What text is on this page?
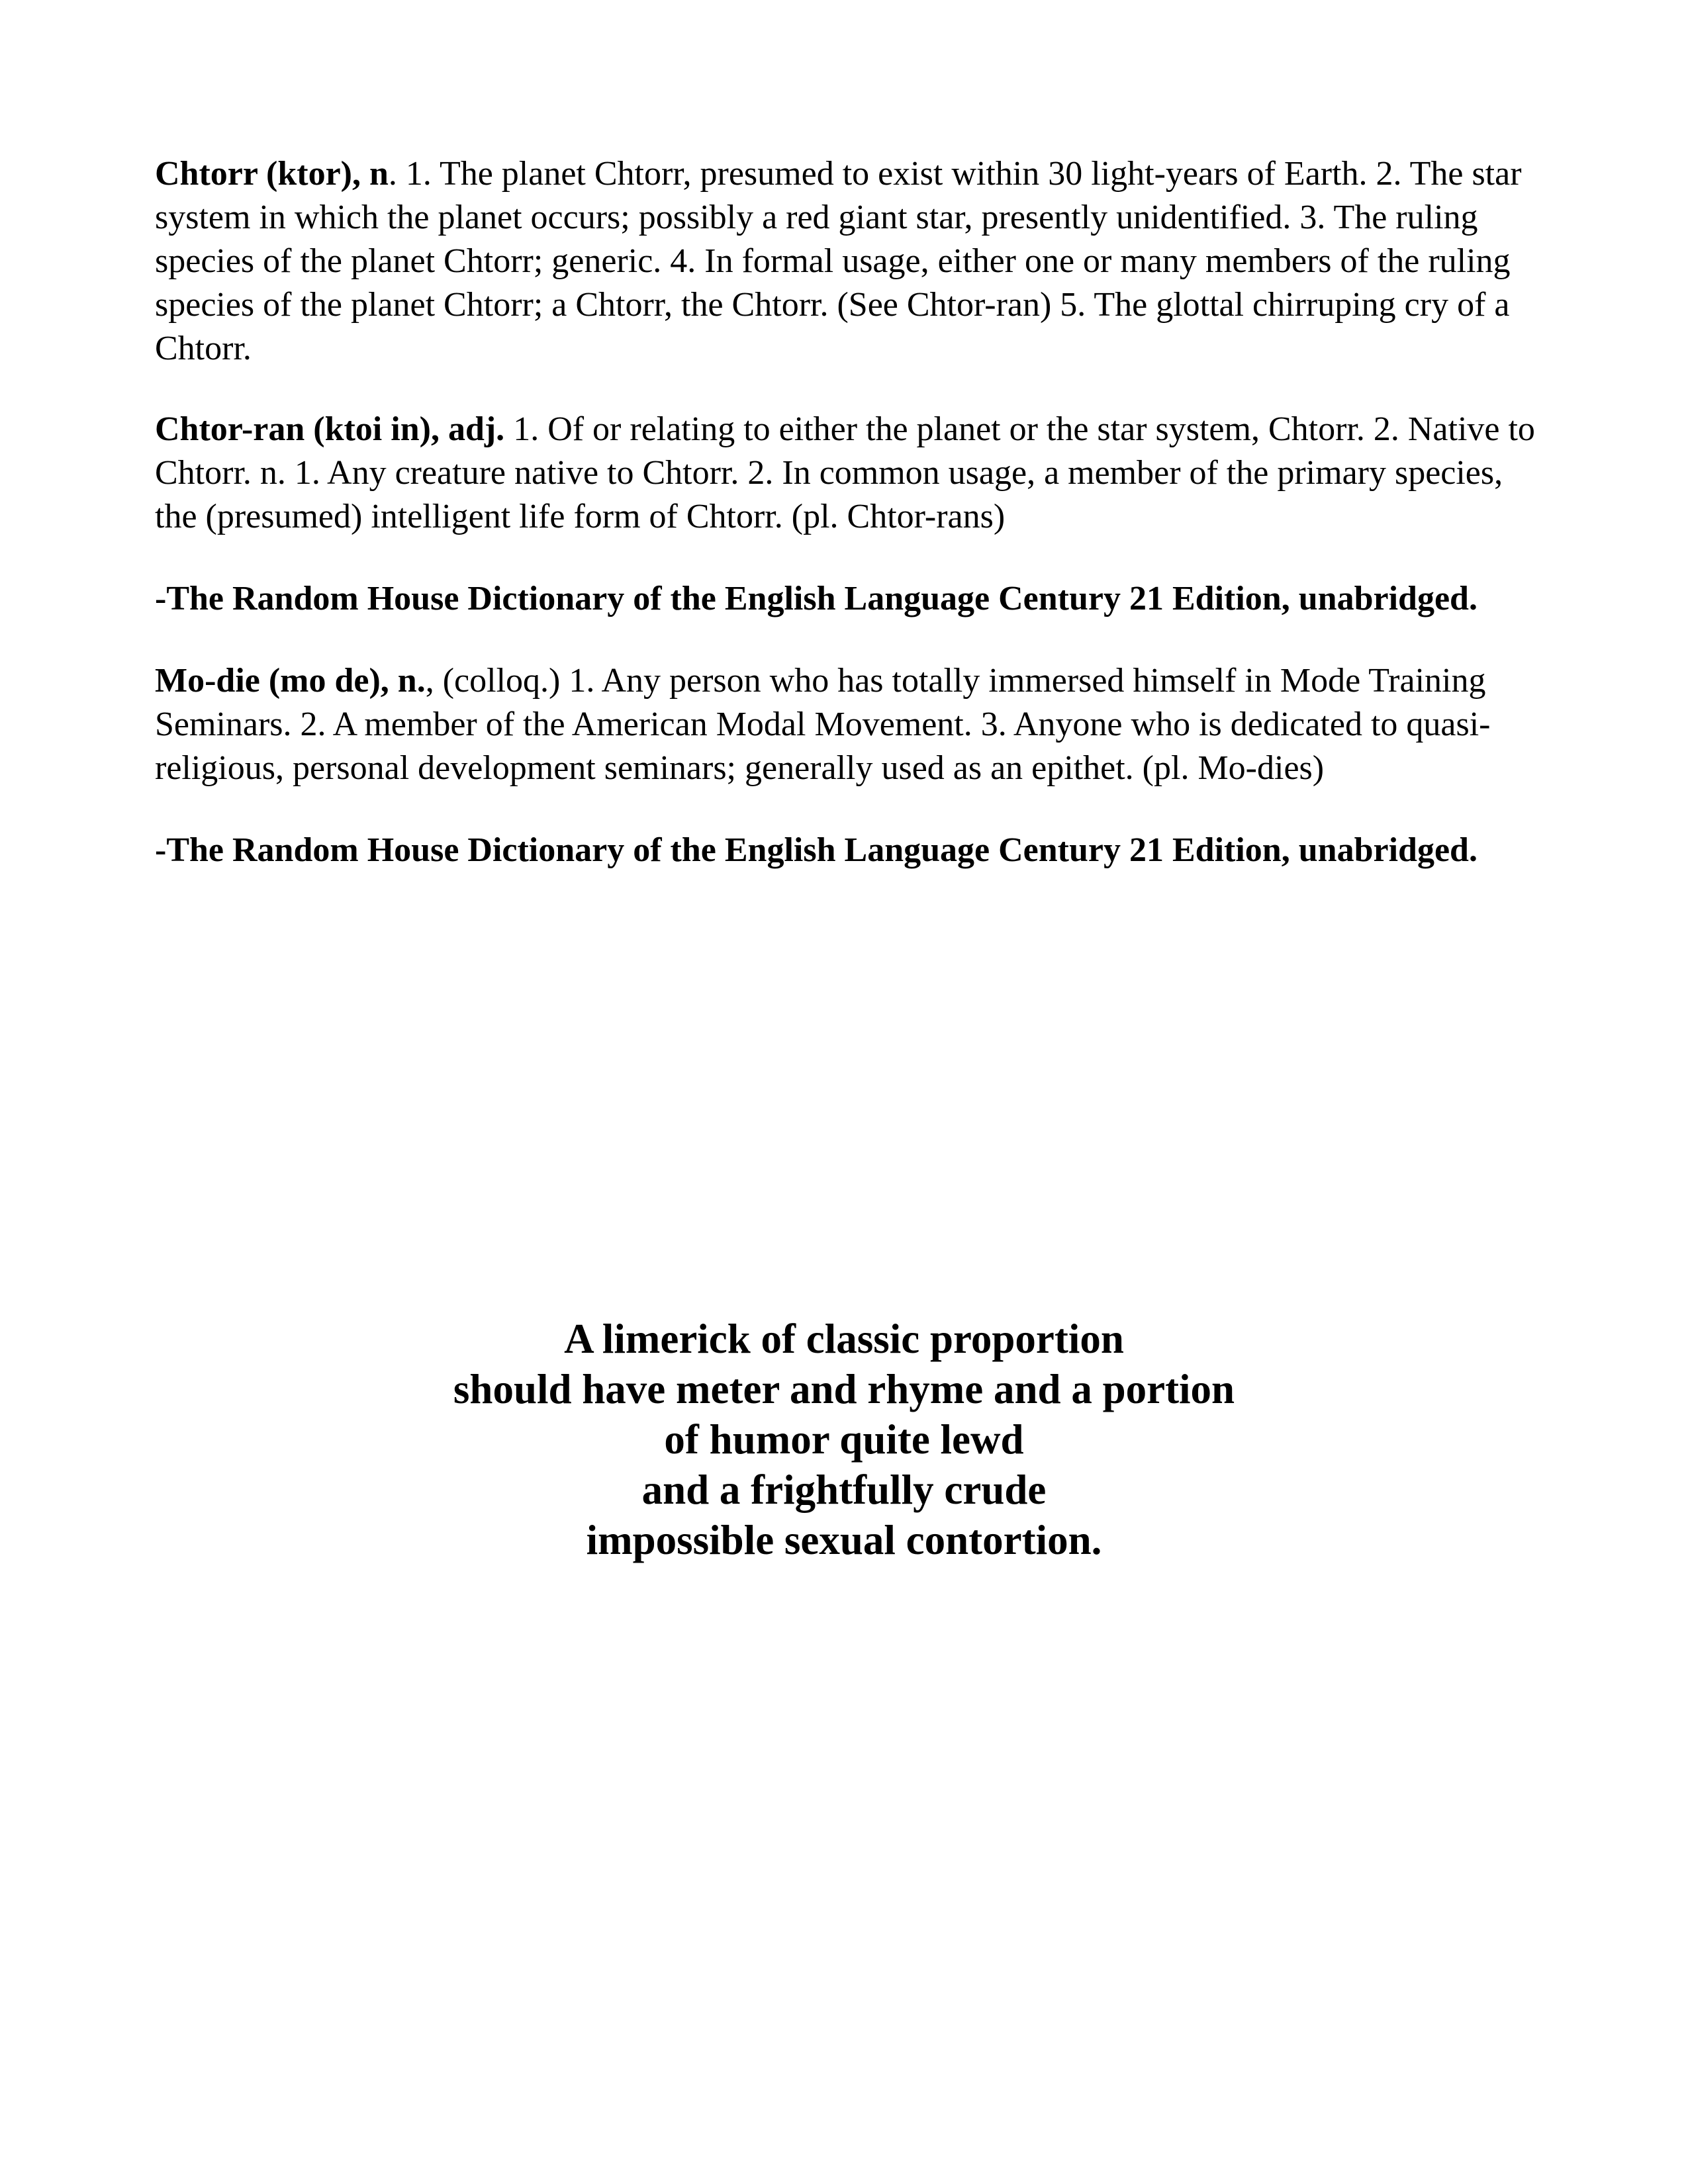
Chtorr (ktor), n. 1. The planet Chtorr, presumed to exist within 30 light-years of Earth. 2. The star system in which the planet occurs; possibly a red giant star, presently unidentified. 3. The ruling species of the planet Chtorr; generic. 4. In formal usage, either one or many members of the ruling species of the planet Chtorr; a Chtorr, the Chtorr. (See Chtor-ran) 5. The glottal chirruping cry of a Chtorr.

Chtor-ran (ktoi in), adj. 1. Of or relating to either the planet or the star system, Chtorr. 2. Native to Chtorr. n. 1. Any creature native to Chtorr. 2. In common usage, a member of the primary species, the (presumed) intelligent life form of Chtorr. (pl. Chtor-rans)

-The Random House Dictionary of the English Language Century 21 Edition, unabridged.

Mo-die (mo de), n., (colloq.) 1. Any person who has totally immersed himself in Mode Training Seminars. 2. A member of the American Modal Movement. 3. Anyone who is dedicated to quasi-religious, personal development seminars; generally used as an epithet. (pl. Mo-dies)

-The Random House Dictionary of the English Language Century 21 Edition, unabridged.

A limerick of classic proportion
should have meter and rhyme and a portion
of humor quite lewd
and a frightfully crude
impossible sexual contortion.
